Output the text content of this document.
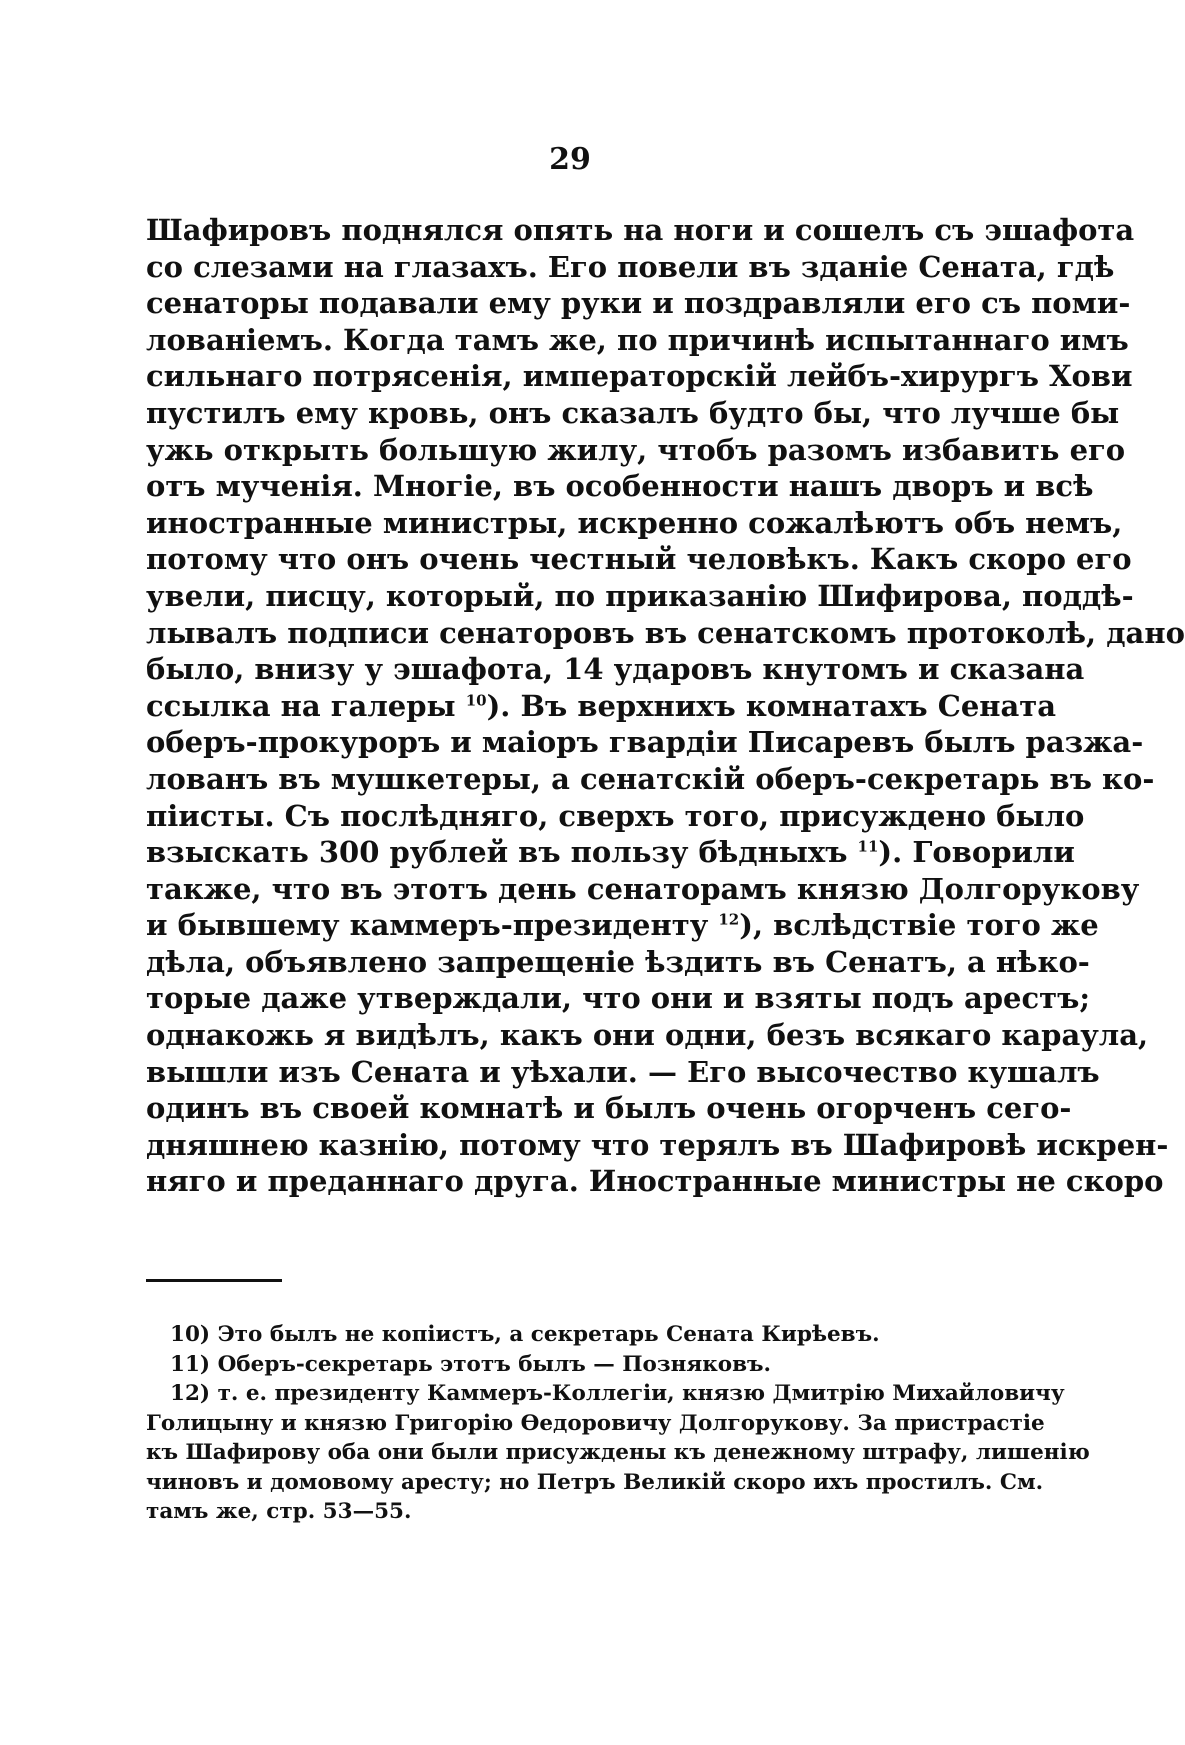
29
Шафировъ поднялся опять на ноги и сошелъ съ эшафота
со слезами на глазахъ. Его повели въ зданіе Сената, гдѣ
сенаторы подавали ему руки и поздравляли его съ поми-
лованіемъ. Когда тамъ же, по причинѣ испытаннаго имъ
сильнаго потрясенія, императорскій лейбъ-хирургъ Хови
пустилъ ему кровь, онъ сказалъ будто бы, что лучше бы
ужь открыть большую жилу, чтобъ разомъ избавить его
отъ мученія. Многіе, въ особенности нашъ дворъ и всѣ
иностранные министры, искренно сожалѣютъ объ немъ,
потому что онъ очень честный человѣкъ. Какъ скоро его
увели, писцу, который, по приказанію Шифирова, поддѣ-
лывалъ подписи сенаторовъ въ сенатскомъ протоколѣ, дано
было, внизу у эшафота, 14 ударовъ кнутомъ и сказана
ссылка на галеры $^{10}$). Въ верхнихъ комнатахъ Сената
оберъ-прокуроръ и маіоръ гвардіи Писаревъ былъ разжа-
лованъ въ мушкетеры, а сенатскій оберъ-секретарь въ ко-
піисты. Съ послѣдняго, сверхъ того, присуждено было
взыскать 300 рублей въ пользу бѣдныхъ $^{11}$). Говорили
также, что въ этотъ день сенаторамъ князю Долгорукову
и бывшему каммеръ-президенту $^{12}$), вслѣдствіе того же
дѣла, объявлено запрещеніе ѣздить въ Сенатъ, а нѣко-
торые даже утверждали, что они и взяты подъ арестъ;
однакожь я видѣлъ, какъ они одни, безъ всякаго караула,
вышли изъ Сената и уѣхали. — Его высочество кушалъ
одинъ въ своей комнатѣ и былъ очень огорченъ сего-
дняшнею казнію, потому что терялъ въ Шафировѣ искрен-
няго и преданнаго друга. Иностранные министры не скоро
10) Это былъ не копіистъ, а секретарь Сената Кирѣевъ.
11) Оберъ-секретарь этотъ былъ — Позняковъ.
12) т. е. президенту Каммеръ-Коллегіи, князю Дмитрію Михайловичу
Голицыну и князю Григорію Ѳедоровичу Долгорукову. За пристрастіе
къ Шафирову оба они были присуждены къ денежному штрафу, лишенію
чиновъ и домовому аресту; но Петръ Великій скоро ихъ простилъ. См.
тамъ же, стр. 53—55.
